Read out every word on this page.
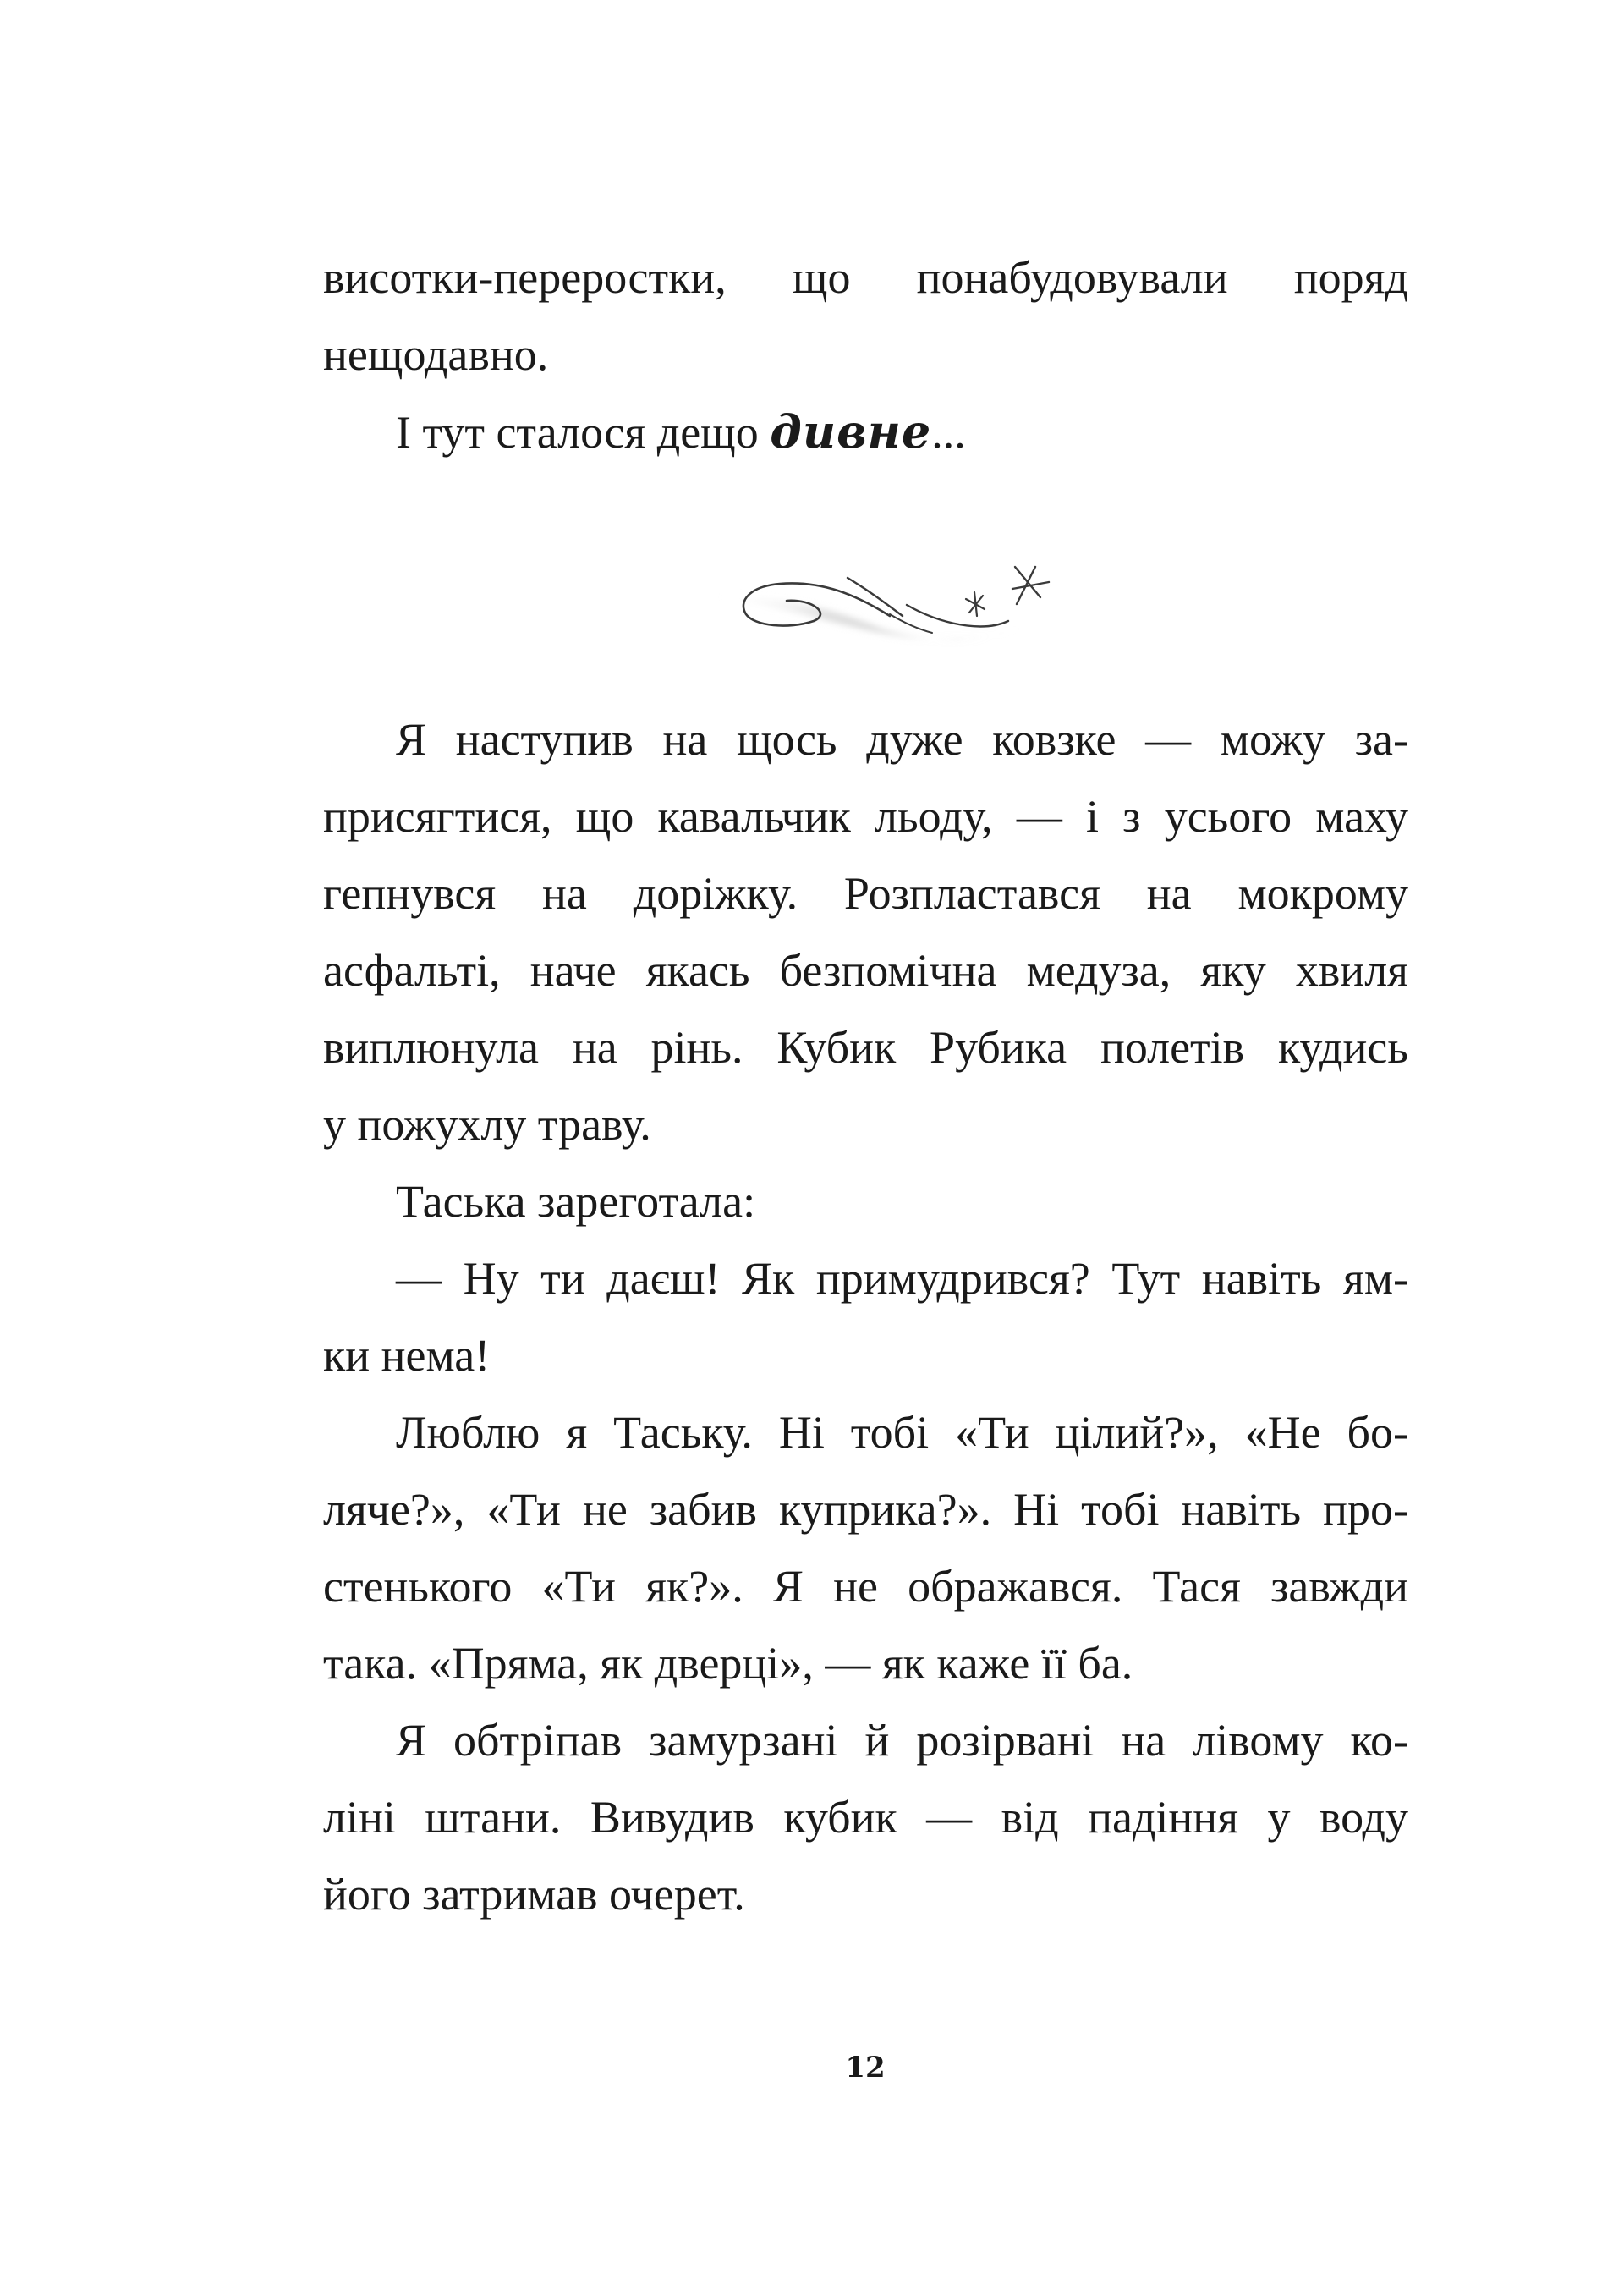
висотки-переростки, що понабудовували поряд
нещодавно.
І тут сталося дещо дивне...
Я наступив на щось дуже ковзке — можу за-
присягтися, що кавальчик льоду, — і з усього маху
гепнувся на доріжку. Розпластався на мокрому
асфальті, наче якась безпомічна медуза, яку хвиля
виплюнула на рінь. Кубик Рубика полетів кудись
у пожухлу траву.
Таська зареготала:
— Ну ти даєш! Як примудрився? Тут навіть ям-
ки нема!
Люблю я Таську. Ні тобі «Ти цілий?», «Не бо-
ляче?», «Ти не забив куприка?». Ні тобі навіть про-
стенького «Ти як?». Я не ображався. Тася завжди
така. «Пряма, як дверці», — як каже її ба.
Я обтріпав замурзані й розірвані на лівому ко-
ліні штани. Вивудив кубик — від падіння у воду
його затримав очерет.
12
